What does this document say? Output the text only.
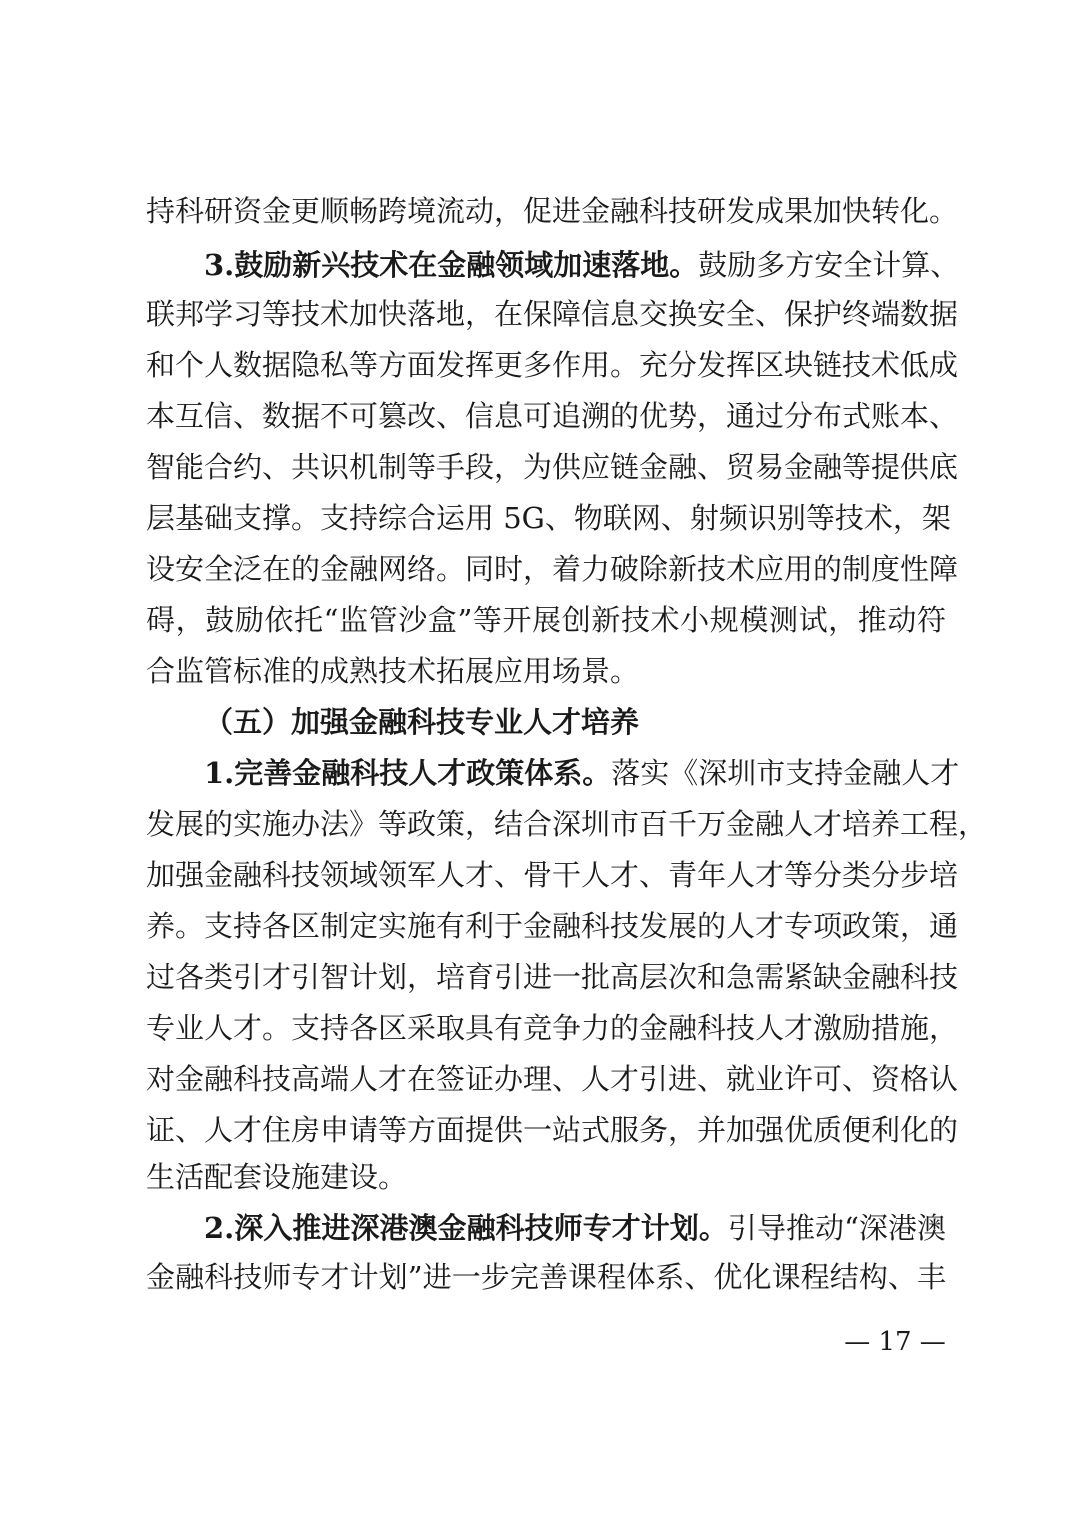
持科研资金更顺畅跨境流动，促进金融科技研发成果加快转化。
3.鼓励新兴技术在金融领域加速落地。鼓励多方安全计算、
联邦学习等技术加快落地，在保障信息交换安全、保护终端数据
和个人数据隐私等方面发挥更多作用。充分发挥区块链技术低成
本互信、数据不可篡改、信息可追溯的优势，通过分布式账本、
智能合约、共识机制等手段，为供应链金融、贸易金融等提供底
层基础支撑。支持综合运用 5G、物联网、射频识别等技术，架
设安全泛在的金融网络。同时，着力破除新技术应用的制度性障
碍，鼓励依托“监管沙盒”等开展创新技术小规模测试，推动符
合监管标准的成熟技术拓展应用场景。
（五）加强金融科技专业人才培养
1.完善金融科技人才政策体系。落实《深圳市支持金融人才
发展的实施办法》等政策，结合深圳市百千万金融人才培养工程，
加强金融科技领域领军人才、骨干人才、青年人才等分类分步培
养。支持各区制定实施有利于金融科技发展的人才专项政策，通
过各类引才引智计划，培育引进一批高层次和急需紧缺金融科技
专业人才。支持各区采取具有竞争力的金融科技人才激励措施，
对金融科技高端人才在签证办理、人才引进、就业许可、资格认
证、人才住房申请等方面提供一站式服务，并加强优质便利化的
生活配套设施建设。
2.深入推进深港澳金融科技师专才计划。引导推动“深港澳
金融科技师专才计划”进一步完善课程体系、优化课程结构、丰
— 17 —
